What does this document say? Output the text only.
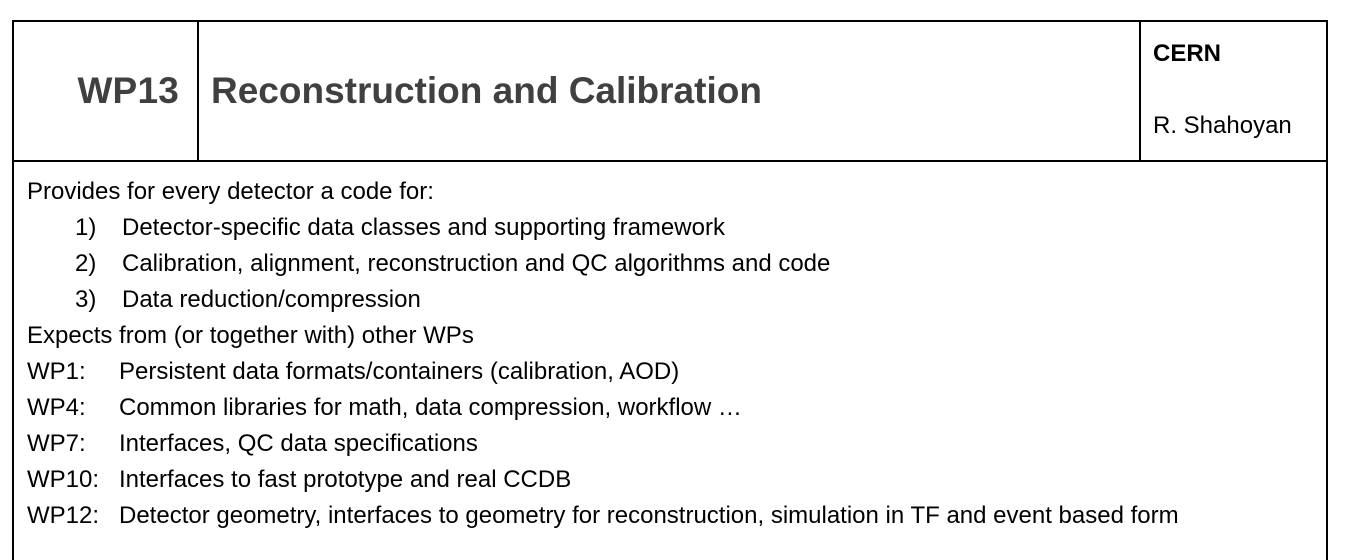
WP13 Reconstruction and Calibration
CERN
R. Shahoyan
Provides for every detector a code for:
1) Detector-specific data classes and supporting framework
2) Calibration, alignment, reconstruction and QC algorithms and code
3) Data reduction/compression
Expects from (or together with) other WPs
WP1: Persistent data formats/containers (calibration, AOD)
WP4: Common libraries for math, data compression, workflow …
WP7: Interfaces, QC data specifications
WP10: Interfaces to fast prototype and real CCDB
WP12: Detector geometry, interfaces to geometry for reconstruction, simulation in TF and event based form
